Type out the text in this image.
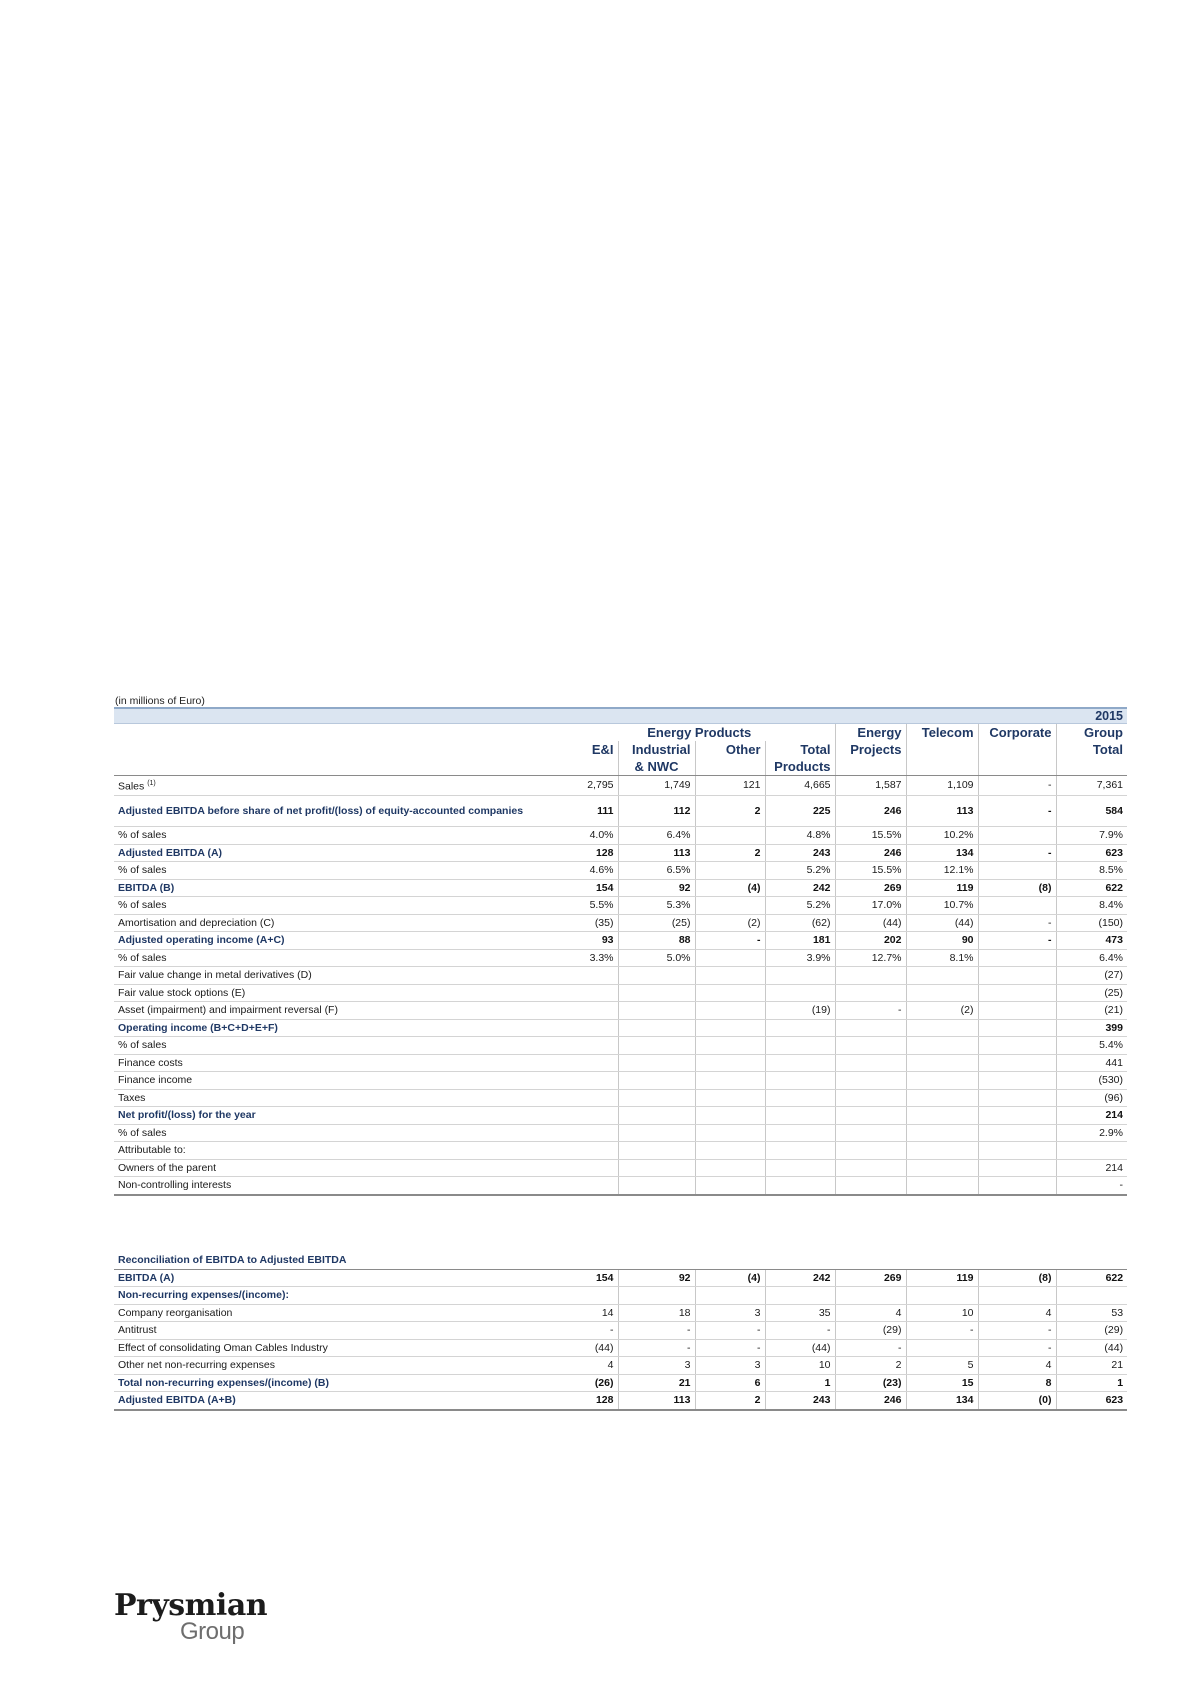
(in millions of Euro)
								2015
	Energy Products				Energy	Telecom	Corporate	Group
	E&I	Industrial	Other	Total	Projects			Total
		& NWC		Products				
Sales $^{(1)}$	2,795	1,749	121	4,665	1,587	1,109	-	7,361
Adjusted EBITDA before share of net profit/(loss) of equity-accounted companies	111	112	2	225	246	113	-	584
% of sales	4.0%	6.4%		4.8%	15.5%	10.2%		7.9%
Adjusted EBITDA (A)	128	113	2	243	246	134	-	623
% of sales	4.6%	6.5%		5.2%	15.5%	12.1%		8.5%
EBITDA (B)	154	92	(4)	242	269	119	(8)	622
% of sales	5.5%	5.3%		5.2%	17.0%	10.7%		8.4%
Amortisation and depreciation (C)	(35)	(25)	(2)	(62)	(44)	(44)	-	(150)
Adjusted operating income (A+C)	93	88	-	181	202	90	-	473
% of sales	3.3%	5.0%		3.9%	12.7%	8.1%		6.4%
Fair value change in metal derivatives (D)								(27)
Fair value stock options (E)								(25)
Asset (impairment) and impairment reversal (F)				(19)	-	(2)		(21)
Operating income (B+C+D+E+F)								399
% of sales								5.4%
Finance costs								441
Finance income								(530)
Taxes								(96)
Net profit/(loss) for the year								214
% of sales								2.9%
Attributable to:								
Owners of the parent								214
Non-controlling interests								-
Reconciliation of EBITDA to Adjusted EBITDA								
EBITDA (A)	154	92	(4)	242	269	119	(8)	622
Non-recurring expenses/(income):								
Company reorganisation	14	18	3	35	4	10	4	53
Antitrust	-	-	-	-	(29)	-	-	(29)
Effect of consolidating Oman Cables Industry	(44)	-	-	(44)	-		-	(44)
Other net non-recurring expenses	4	3	3	10	2	5	4	21
Total non-recurring expenses/(income) (B)	(26)	21	6	1	(23)	15	8	1
Adjusted EBITDA (A+B)	128	113	2	243	246	134	(0)	623
Prysmian
Group
